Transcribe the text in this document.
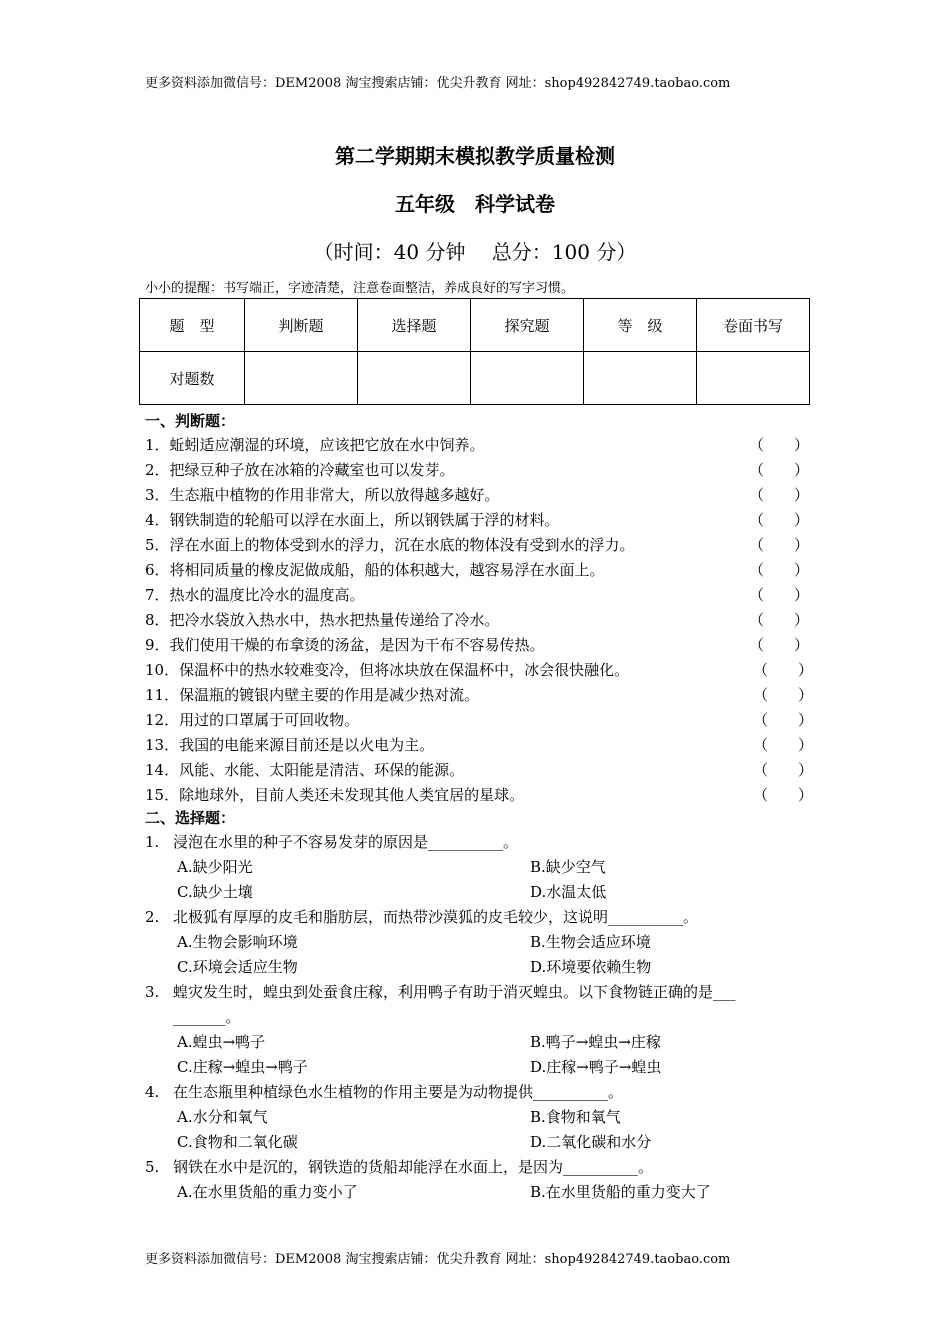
更多资料添加微信号：DEM2008 淘宝搜索店铺：优尖升教育 网址：shop492842749.taobao.com
第二学期期末模拟教学质量检测
五年级　科学试卷
（时间：40 分钟　 总分：100 分）
小小的提醒：书写端正，字迹清楚，注意卷面整洁，养成良好的写字习惯。
题　型	判断题	选择题	探究题	等　级	卷面书写
对题数					
一、判断题：
1．蚯蚓适应潮湿的环境，应该把它放在水中饲养。	（　　）
2．把绿豆种子放在冰箱的冷藏室也可以发芽。	（　　）
3．生态瓶中植物的作用非常大，所以放得越多越好。	（　　）
4．钢铁制造的轮船可以浮在水面上，所以钢铁属于浮的材料。	（　　）
5．浮在水面上的物体受到水的浮力，沉在水底的物体没有受到水的浮力。	（　　）
6．将相同质量的橡皮泥做成船，船的体积越大，越容易浮在水面上。	（　　）
7．热水的温度比冷水的温度高。	（　　）
8．把冷水袋放入热水中，热水把热量传递给了冷水。	（　　）
9．我们使用干燥的布拿烫的汤盆，是因为干布不容易传热。	（　　）
10．保温杯中的热水较难变冷，但将冰块放在保温杯中，冰会很快融化。	（　　）
11．保温瓶的镀银内壁主要的作用是减少热对流。	（　　）
12．用过的口罩属于可回收物。	（　　）
13．我国的电能来源目前还是以火电为主。	（　　）
14．风能、水能、太阳能是清洁、环保的能源。	（　　）
15．除地球外，目前人类还未发现其他人类宜居的星球。	（　　）
二、选择题：
1. 浸泡在水里的种子不容易发芽的原因是__________。
A.缺少阳光	B.缺少空气
C.缺少土壤	D.水温太低
2. 北极狐有厚厚的皮毛和脂肪层，而热带沙漠狐的皮毛较少，这说明__________。
A.生物会影响环境	B.生物会适应环境
C.环境会适应生物	D.环境要依赖生物
3. 蝗灾发生时，蝗虫到处蚕食庄稼，利用鸭子有助于消灭蝗虫。以下食物链正确的是___
_______。
A.蝗虫→鸭子	B.鸭子→蝗虫→庄稼
C.庄稼→蝗虫→鸭子	D.庄稼→鸭子→蝗虫
4. 在生态瓶里种植绿色水生植物的作用主要是为动物提供__________。
A.水分和氧气	B.食物和氧气
C.食物和二氧化碳	D.二氧化碳和水分
5. 钢铁在水中是沉的，钢铁造的货船却能浮在水面上，是因为__________。
A.在水里货船的重力变小了	B.在水里货船的重力变大了
更多资料添加微信号：DEM2008 淘宝搜索店铺：优尖升教育 网址：shop492842749.taobao.com
